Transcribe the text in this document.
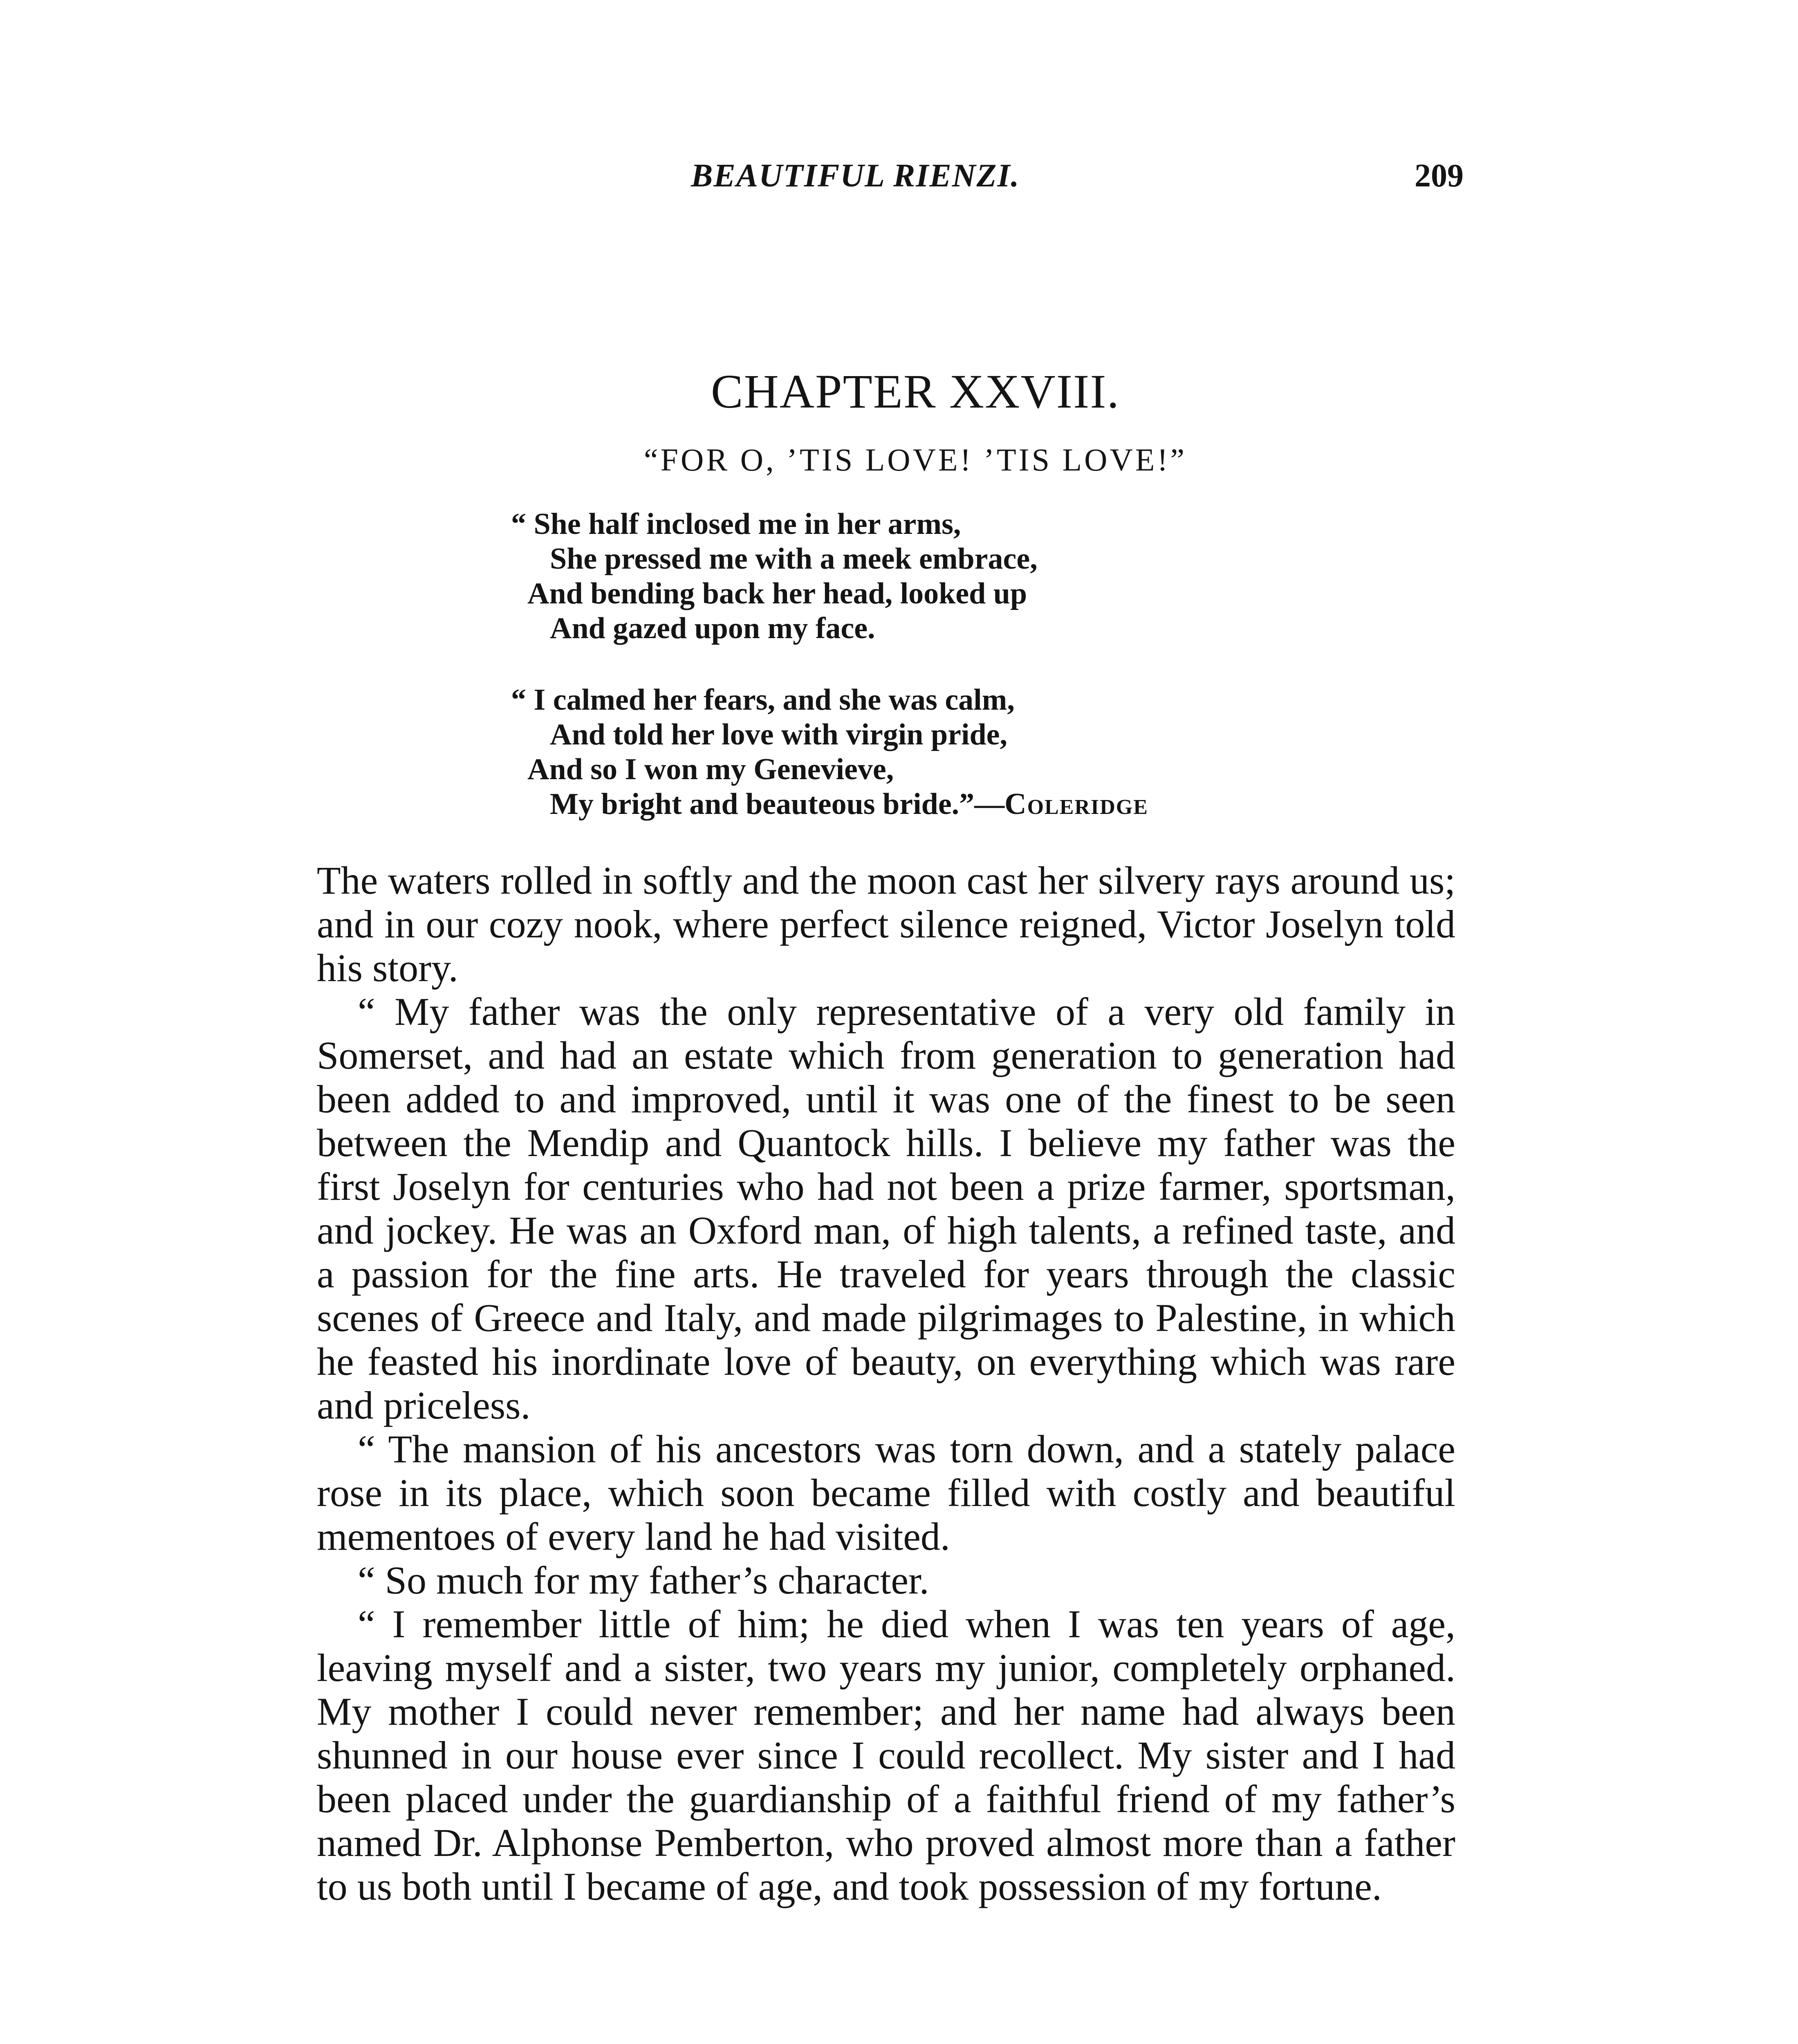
BEAUTIFUL RIENZI.	209
CHAPTER XXVIII.
“FOR O, ’TIS LOVE! ’TIS LOVE!”
“ She half inclosed me in her arms,
She pressed me with a meek embrace,
And bending back her head, looked up
And gazed upon my face.
“ I calmed her fears, and she was calm,
And told her love with virgin pride,
And so I won my Genevieve,
My bright and beauteous bride.”—Coleridge

The waters rolled in softly and the moon cast her silvery rays around us; and in our cozy nook, where perfect silence reigned, Victor Joselyn told his story.

“ My father was the only representative of a very old family in Somerset, and had an estate which from generation to generation had been added to and improved, until it was one of the finest to be seen between the Mendip and Quantock hills. I believe my father was the first Joselyn for centuries who had not been a prize farmer, sportsman, and jockey. He was an Oxford man, of high talents, a refined taste, and a passion for the fine arts. He traveled for years through the classic scenes of Greece and Italy, and made pilgrimages to Palestine, in which he feasted his inordinate love of beauty, on everything which was rare and priceless.

“ The mansion of his ancestors was torn down, and a stately palace rose in its place, which soon became filled with costly and beautiful mementoes of every land he had visited.

“ So much for my father’s character.

“ I remember little of him; he died when I was ten years of age, leaving myself and a sister, two years my junior, completely orphaned. My mother I could never remember; and her name had always been shunned in our house ever since I could recollect. My sister and I had been placed under the guardianship of a faithful friend of my father’s named Dr. Alphonse Pemberton, who proved almost more than a father to us both until I became of age, and took possession of my fortune.
